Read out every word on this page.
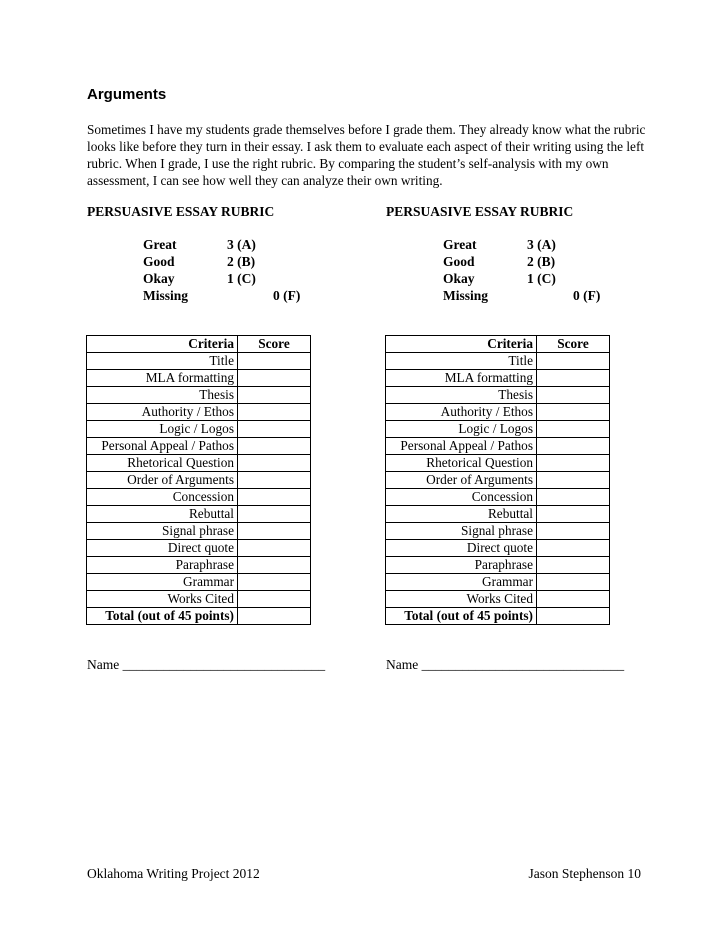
Arguments
Sometimes I have my students grade themselves before I grade them. They already know what the rubric looks like before they turn in their essay. I ask them to evaluate each aspect of their writing using the left rubric. When I grade, I use the right rubric. By comparing the student’s self-analysis with my own assessment, I can see how well they can analyze their own writing.
PERSUASIVE ESSAY RUBRIC
Great	3 (A)
Good	2 (B)
Okay	1 (C)
Missing	0 (F)
Criteria	Score
Title	
MLA formatting	
Thesis	
Authority / Ethos	
Logic / Logos	
Personal Appeal / Pathos	
Rhetorical Question	
Order of Arguments	
Concession	
Rebuttal	
Signal phrase	
Direct quote	
Paraphrase	
Grammar	
Works Cited	
Total (out of 45 points)	
Name ______________________________
PERSUASIVE ESSAY RUBRIC
Great	3 (A)
Good	2 (B)
Okay	1 (C)
Missing	0 (F)
Criteria	Score
Title	
MLA formatting	
Thesis	
Authority / Ethos	
Logic / Logos	
Personal Appeal / Pathos	
Rhetorical Question	
Order of Arguments	
Concession	
Rebuttal	
Signal phrase	
Direct quote	
Paraphrase	
Grammar	
Works Cited	
Total (out of 45 points)	
Name ______________________________
Oklahoma Writing Project 2012	Jason Stephenson 10
